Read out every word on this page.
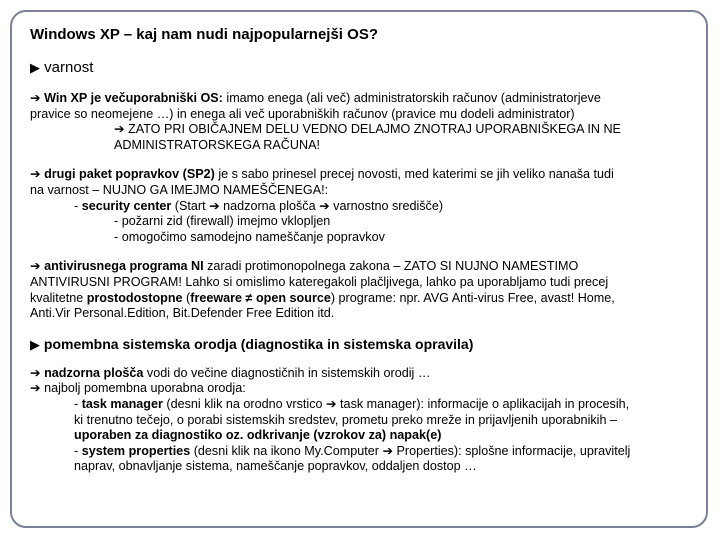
Windows XP – kaj nam nudi najpopularnejši OS?
▶ varnost
➔ Win XP je večuporabniški OS: imamo enega (ali več) administratorskih računov (administratorjeve
pravice so neomejene …) in enega ali več uporabniških računov (pravice mu dodeli administrator)
➔ ZATO PRI OBIČAJNEM DELU VEDNO DELAJMO ZNOTRAJ UPORABNIŠKEGA IN NE
ADMINISTRATORSKEGA RAČUNA!
➔ drugi paket popravkov (SP2) je s sabo prinesel precej novosti, med katerimi se jih veliko nanaša tudi
na varnost – NUJNO GA IMEJMO NAMEŠČENEGA!:
- security center (Start ➔ nadzorna plošča ➔ varnostno središče)
- požarni zid (firewall) imejmo vklopljen
- omogočimo samodejno nameščanje popravkov
➔ antivirusnega programa NI zaradi protimonopolnega zakona – ZATO SI NUJNO NAMESTIMO
ANTIVIRUSNI PROGRAM! Lahko si omislimo kateregakoli plačljivega, lahko pa uporabljamo tudi precej
kvalitetne prostodostopne (freeware ≠ open source) programe: npr. AVG Anti-virus Free, avast! Home,
Anti.Vir Personal.Edition, Bit.Defender Free Edition itd.
▶ pomembna sistemska orodja (diagnostika in sistemska opravila)
➔ nadzorna plošča vodi do večine diagnostičnih in sistemskih orodij …
➔ najbolj pomembna uporabna orodja:
- task manager (desni klik na orodno vrstico ➔ task manager): informacije o aplikacijah in procesih,
ki trenutno tečejo, o porabi sistemskih sredstev, prometu preko mreže in prijavljenih uporabnikih –
uporaben za diagnostiko oz. odkrivanje (vzrokov za) napak(e)
- system properties (desni klik na ikono My.Computer ➔ Properties): splošne informacije, upravitelj
naprav, obnavljanje sistema, nameščanje popravkov, oddaljen dostop …
